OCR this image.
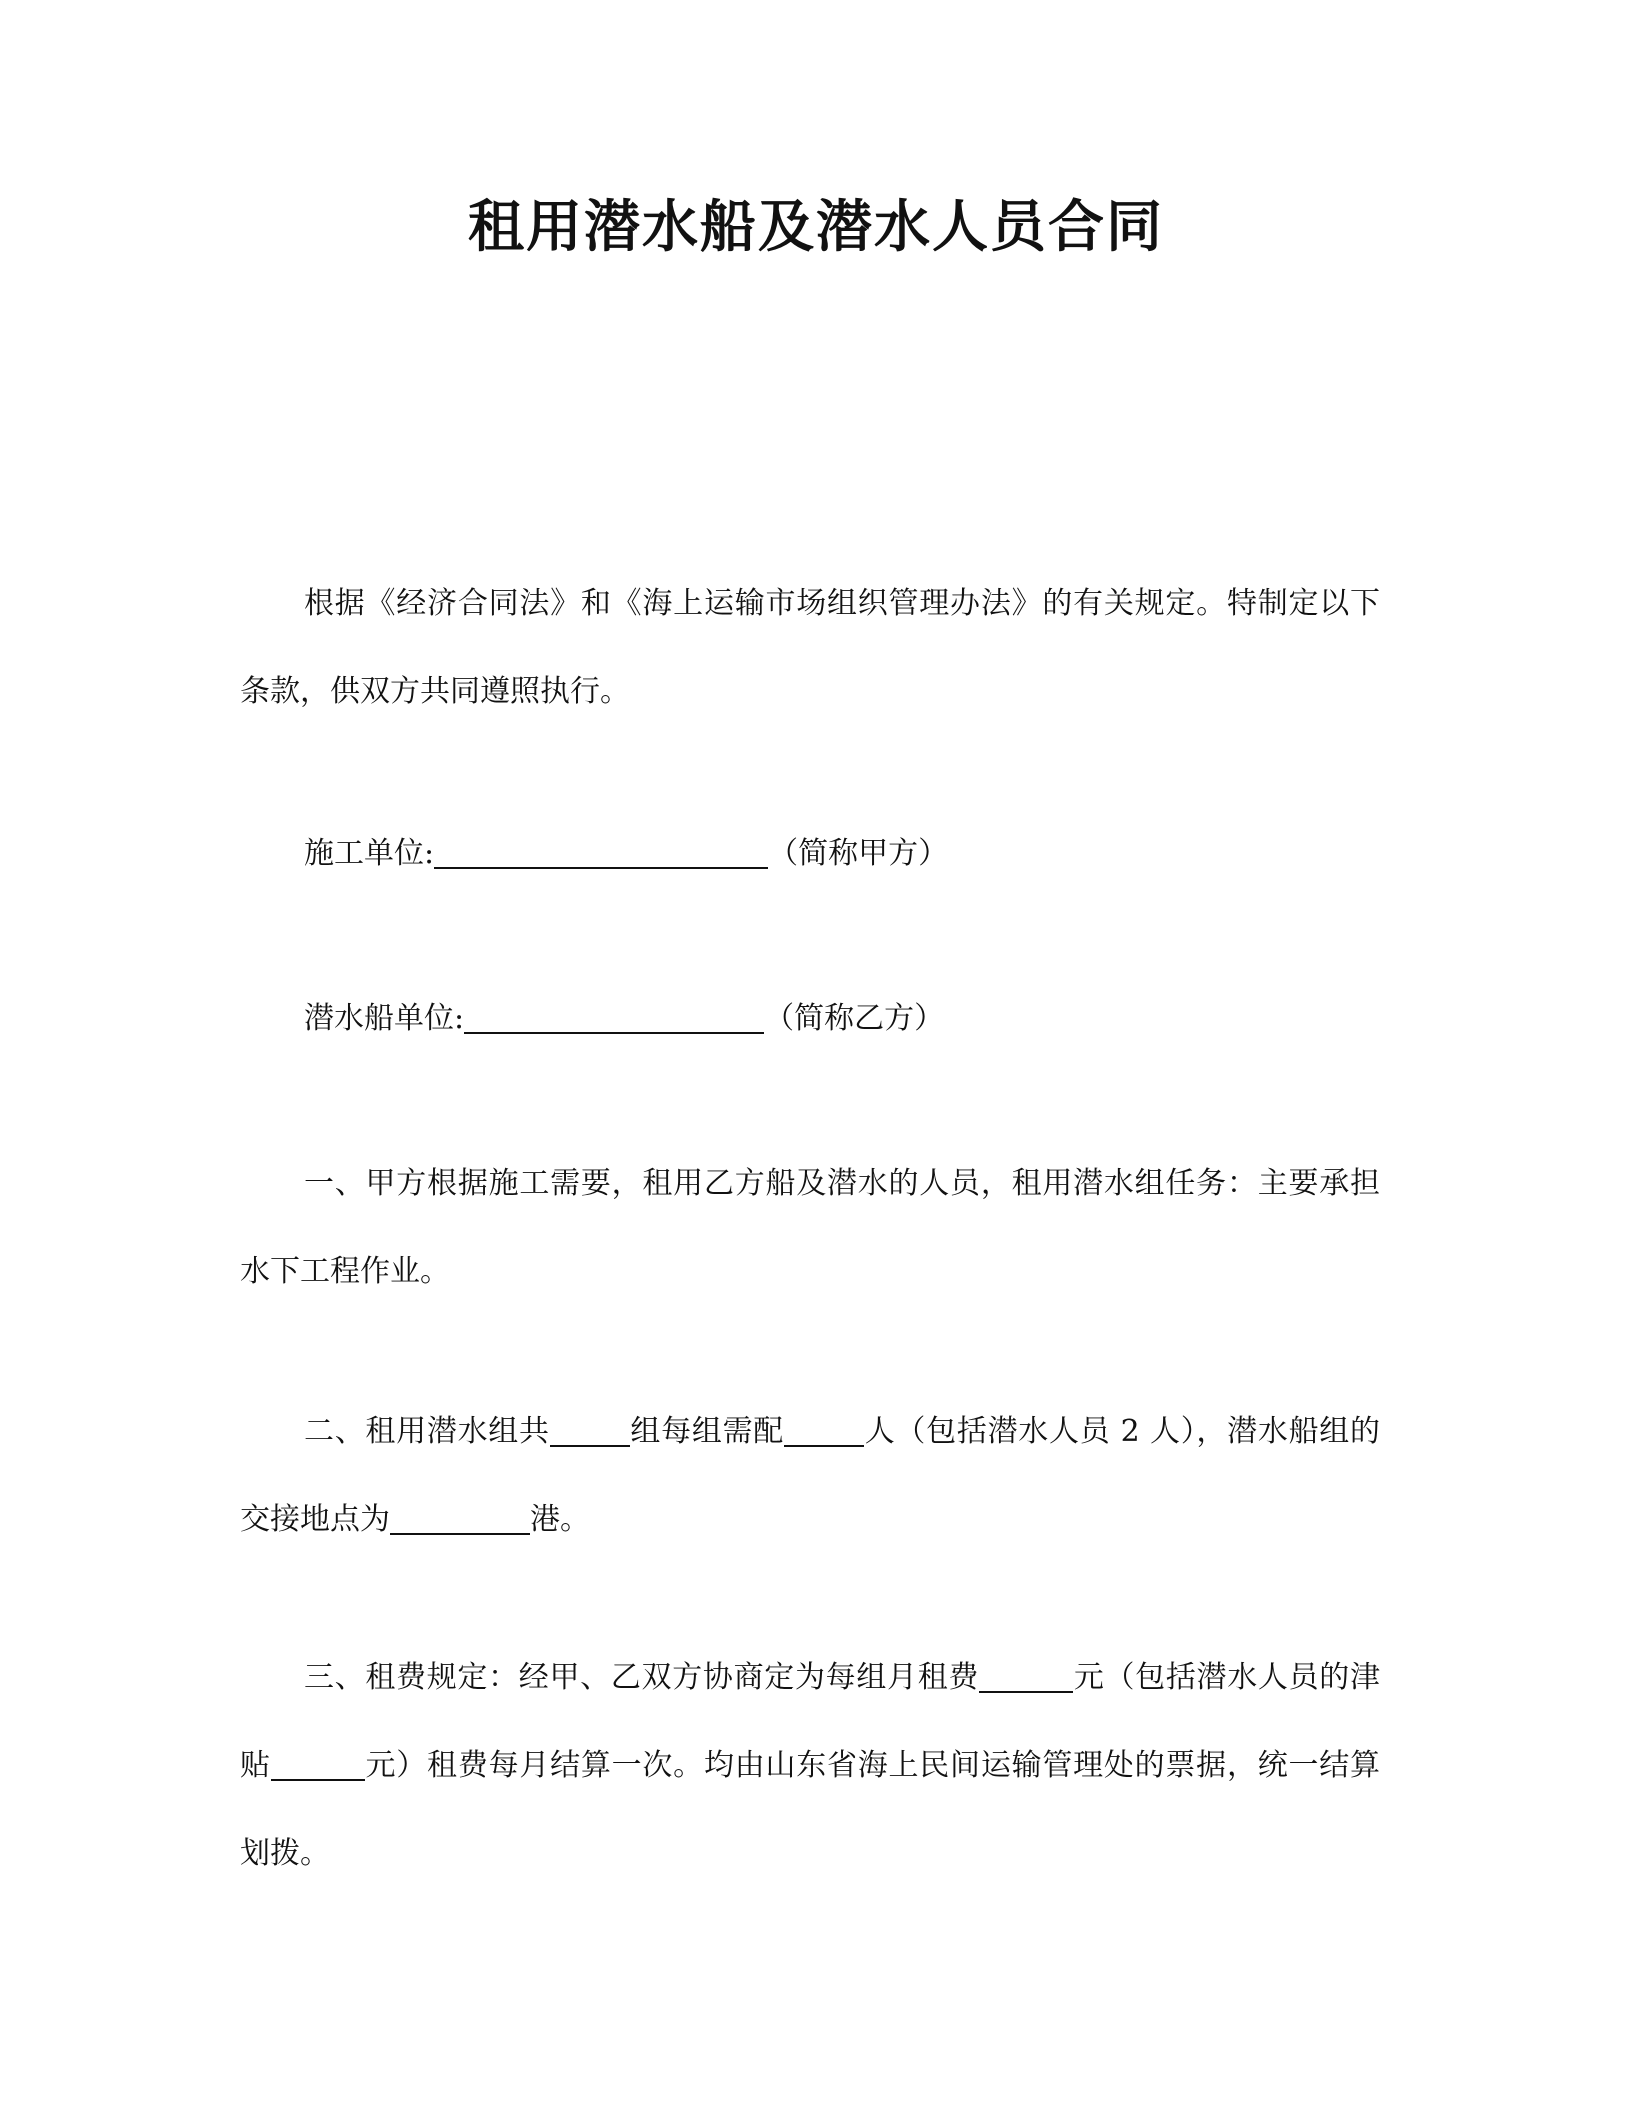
租用潜水船及潜水人员合同
根据《经济合同法》和《海上运输市场组织管理办法》的有关规定。特制定以下条款，供双方共同遵照执行。
施工单位:	（简称甲方）
潜水船单位:	（简称乙方）
一、甲方根据施工需要，租用乙方船及潜水的人员，租用潜水组任务：主要承担水下工程作业。
二、租用潜水组共	组每组需配	人（包括潜水人员 2 人），潜水船组的交接地点为	港。
三、租费规定：经甲、乙双方协商定为每组月租费	元（包括潜水人员的津贴	元）租费每月结算一次。均由山东省海上民间运输管理处的票据，统一结算划拨。
